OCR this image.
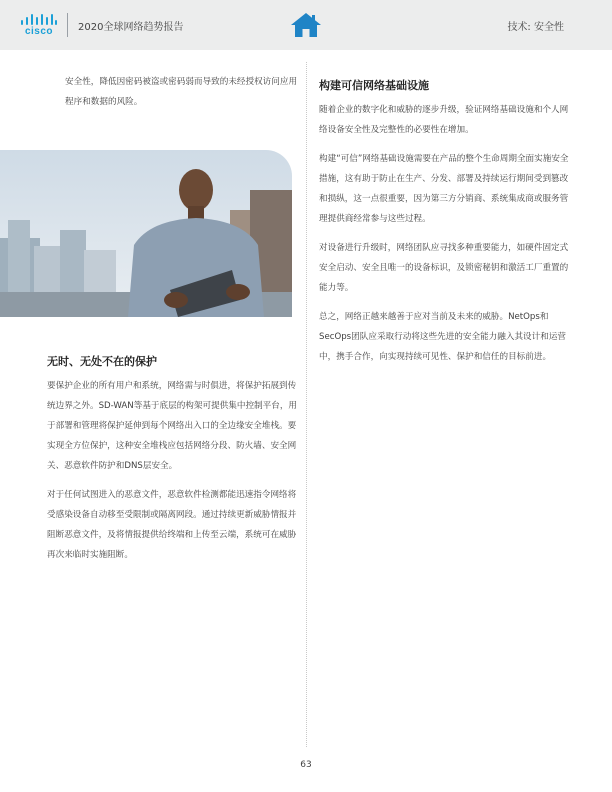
cisco	2020全球网络趋势报告	技术: 安全性
安全性，降低因密码被盗或密码弱而导致的未经授权访问应用程序和数据的风险。
无时、无处不在的保护
要保护企业的所有用户和系统，网络需与时俱进，将保护拓展到传统边界之外。SD-WAN等基于底层的构架可提供集中控制平台，用于部署和管理将保护延伸到每个网络出入口的全边缘安全堆栈。要实现全方位保护，这种安全堆栈应包括网络分段、防火墙、安全网关、恶意软件防护和DNS层安全。
对于任何试图进入的恶意文件，恶意软件检测都能迅速指令网络将受感染设备自动移至受限制或隔离网段。通过持续更新威胁情报并阻断恶意文件，及将情报提供给终端和上传至云端，系统可在威胁再次来临时实施阻断。
构建可信网络基础设施
随着企业的数字化和威胁的逐步升级，验证网络基础设施和个人网络设备安全性及完整性的必要性在增加。
构建“可信”网络基础设施需要在产品的整个生命周期全面实施安全措施，这有助于防止在生产、分发、部署及持续运行期间受到篡改和损纵，这一点很重要，因为第三方分销商、系统集成商或服务管理提供商经常参与这些过程。
对设备进行升级时，网络团队应寻找多种重要能力，如硬件固定式安全启动、安全且唯一的设备标识，及锁密秘钥和激活工厂重置的能力等。
总之，网络正越来越善于应对当前及未来的威胁。NetOps和SecOps团队应采取行动将这些先进的安全能力融入其设计和运营中，携手合作，向实现持续可见性、保护和信任的目标前进。
63
